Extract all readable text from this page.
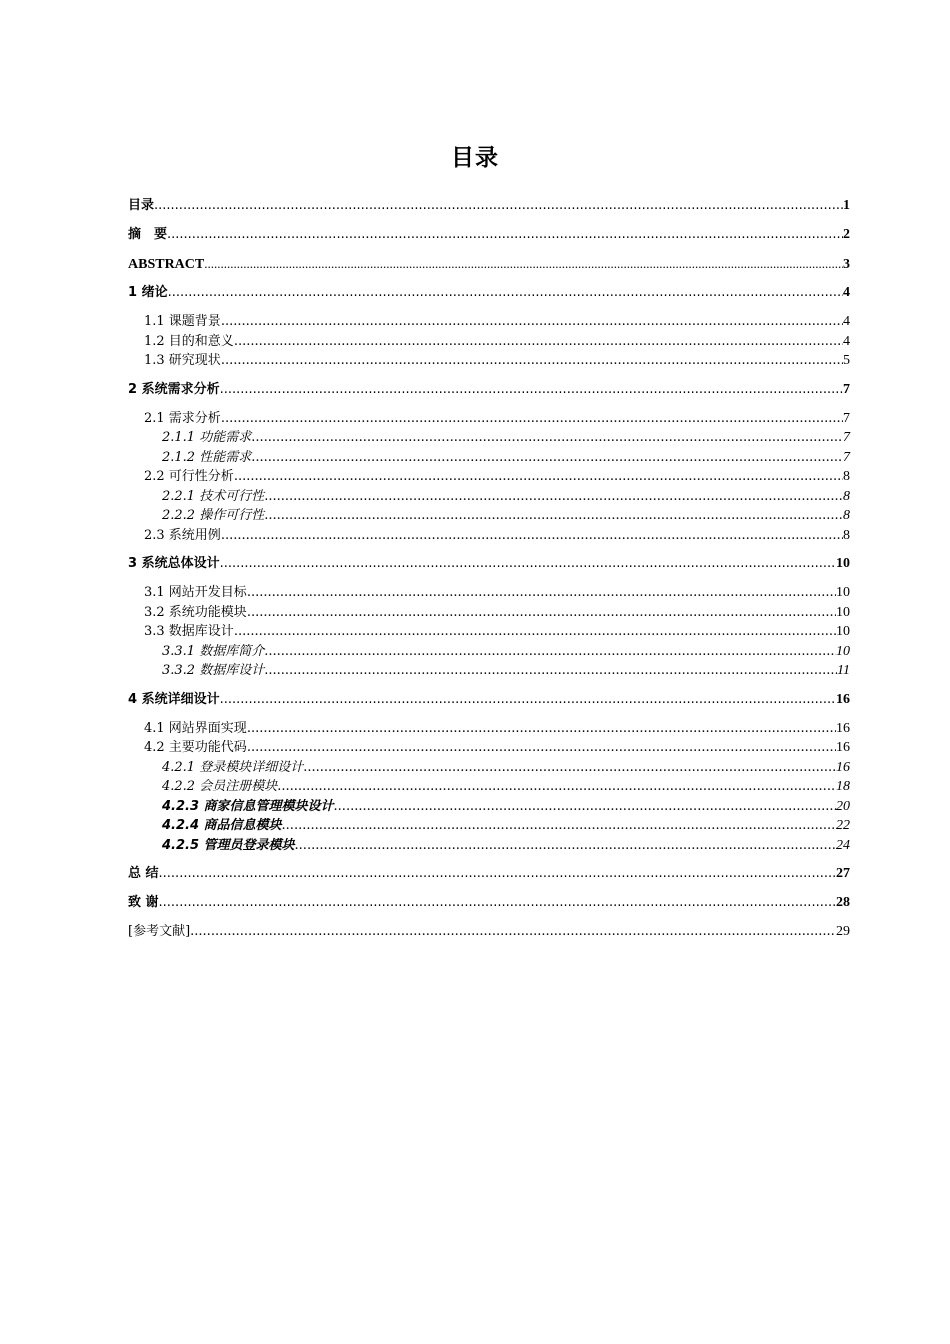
目录
目录 .....	1
摘　要 .....	2
ABSTRACT .....	3
1 绪论 .....	4
1.1 课题背景 .....	4
1.2 目的和意义 .....	4
1.3 研究现状 .....	5
2 系统需求分析 .....	7
2.1 需求分析 .....	7
2.1.1 功能需求 .....	7
2.1.2 性能需求 .....	7
2.2 可行性分析 .....	8
2.2.1 技术可行性 .....	8
2.2.2 操作可行性 .....	8
2.3 系统用例 .....	8
3 系统总体设计 .....	10
3.1 网站开发目标 .....	10
3.2 系统功能模块 .....	10
3.3 数据库设计 .....	10
3.3.1 数据库简介 .....	10
3.3.2 数据库设计 .....	11
4 系统详细设计 .....	16
4.1 网站界面实现 .....	16
4.2 主要功能代码 .....	16
4.2.1 登录模块详细设计 .....	16
4.2.2 会员注册模块 .....	18
4.2.3 商家信息管理模块设计 .....	20
4.2.4 商品信息模块 .....	22
4.2.5 管理员登录模块 .....	24
总 结 .....	27
致 谢 .....	28
[参考文献] .....	29
